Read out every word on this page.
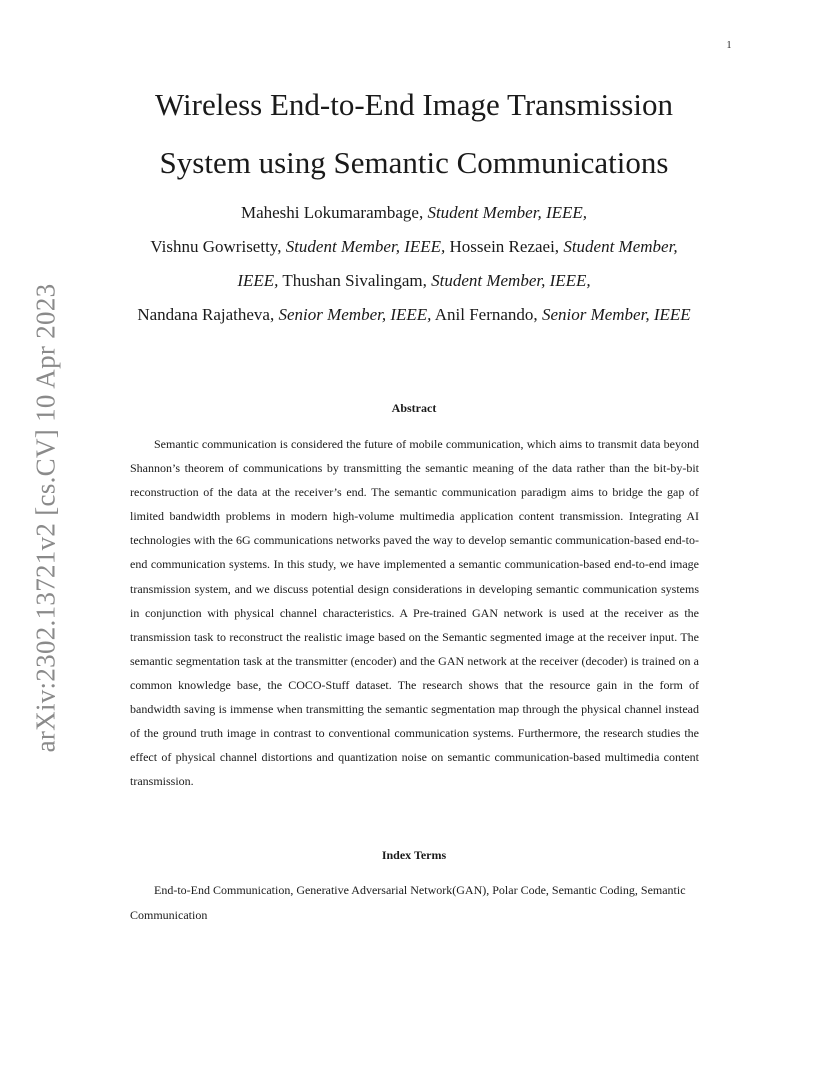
1
arXiv:2302.13721v2 [cs.CV] 10 Apr 2023
Wireless End-to-End Image Transmission
System using Semantic Communications
Maheshi Lokumarambage, Student Member, IEEE,
Vishnu Gowrisetty, Student Member, IEEE, Hossein Rezaei, Student Member,
IEEE, Thushan Sivalingam, Student Member, IEEE,
Nandana Rajatheva, Senior Member, IEEE, Anil Fernando, Senior Member, IEEE
Abstract

Semantic communication is considered the future of mobile communication, which aims to transmit data beyond Shannon’s theorem of communications by transmitting the semantic meaning of the data rather than the bit-by-bit reconstruction of the data at the receiver’s end. The semantic communication paradigm aims to bridge the gap of limited bandwidth problems in modern high-volume multimedia application content transmission. Integrating AI technologies with the 6G communications networks paved the way to develop semantic communication-based end-to-end communication systems. In this study, we have implemented a semantic communication-based end-to-end image transmission system, and we discuss potential design considerations in developing semantic communication systems in conjunction with physical channel characteristics. A Pre-trained GAN network is used at the receiver as the transmission task to reconstruct the realistic image based on the Semantic segmented image at the receiver input. The semantic segmentation task at the transmitter (encoder) and the GAN network at the receiver (decoder) is trained on a common knowledge base, the COCO-Stuff dataset. The research shows that the resource gain in the form of bandwidth saving is immense when transmitting the semantic segmentation map through the physical channel instead of the ground truth image in contrast to conventional communication systems. Furthermore, the research studies the effect of physical channel distortions and quantization noise on semantic communication-based multimedia content transmission.

Index Terms

End-to-End Communication, Generative Adversarial Network(GAN), Polar Code, Semantic Coding, Semantic Communication
